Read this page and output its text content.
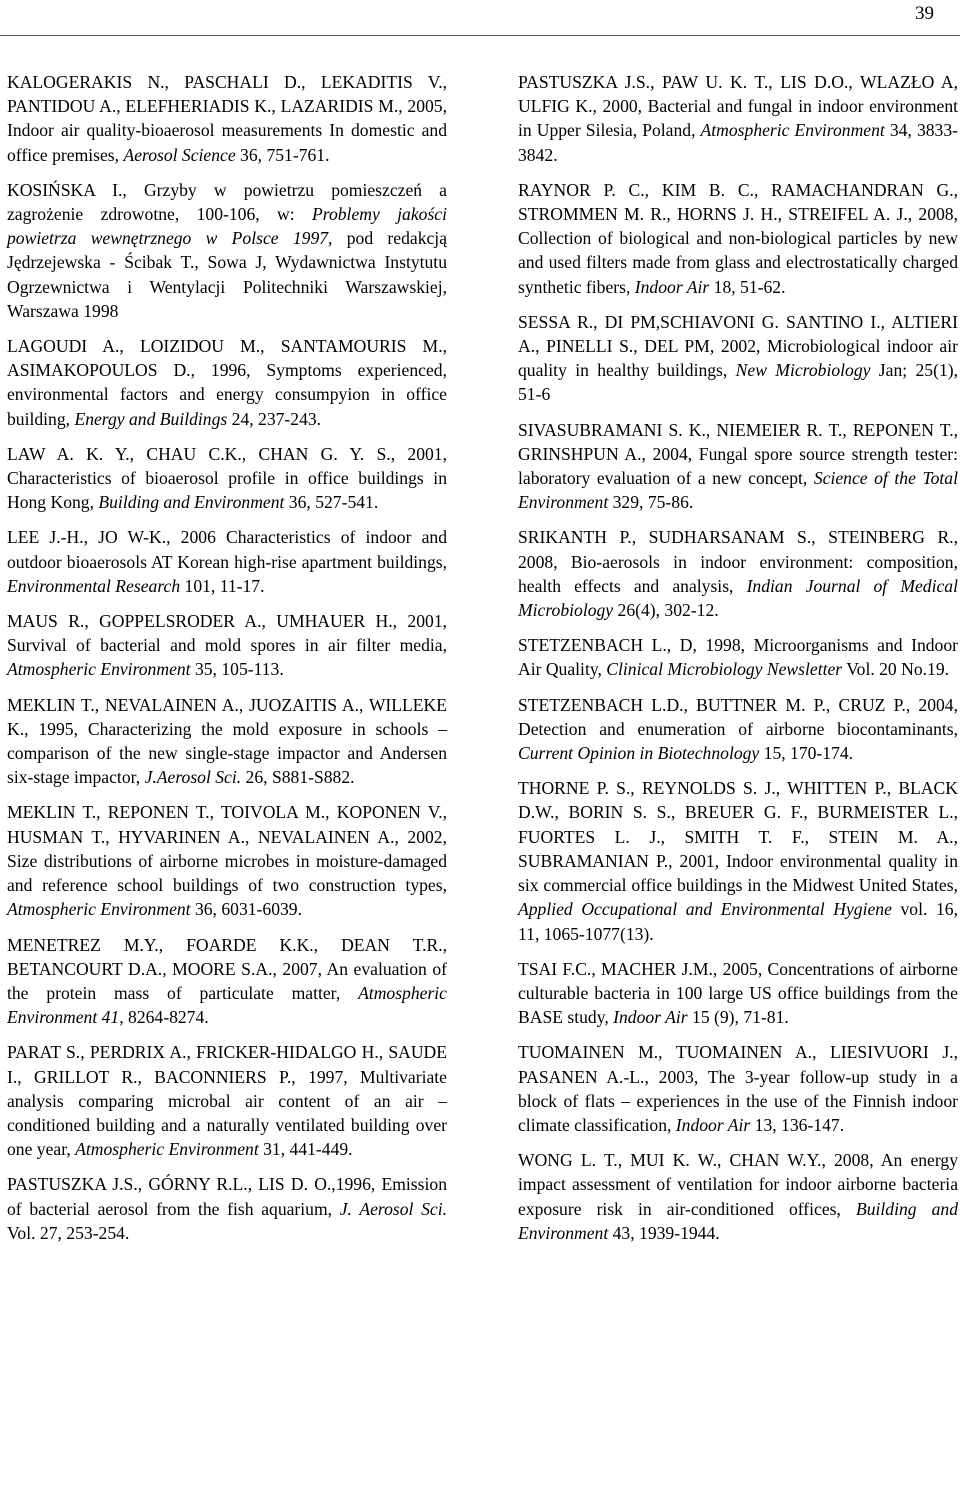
39

KALOGERAKIS N., PASCHALI D., LEKADITIS V., PANTIDOU A., ELEFHERIADIS K., LAZARIDIS M., 2005, Indoor air quality-bioaerosol measurements In domestic and office premises, Aerosol Science 36, 751-761.

KOSIŃSKA I., Grzyby w powietrzu pomieszczeń a zagrożenie zdrowotne, 100-106, w: Problemy jakości powietrza wewnętrznego w Polsce 1997, pod redakcją Jędrzejewska - Ścibak T., Sowa J, Wydawnictwa Instytutu Ogrzewnictwa i Wentylacji Politechniki Warszawskiej, Warszawa 1998

LAGOUDI A., LOIZIDOU M., SANTAMOURIS M., ASIMAKOPOULOS D., 1996, Symptoms experienced, environmental factors and energy consumpyion in office building, Energy and Buildings 24, 237-243.

LAW A. K. Y., CHAU C.K., CHAN G. Y. S., 2001, Characteristics of bioaerosol profile in office buildings in Hong Kong, Building and Environment 36, 527-541.

LEE J.-H., JO W-K., 2006 Characteristics of indoor and outdoor bioaerosols AT Korean high-rise apartment buildings, Environmental Research 101, 11-17.

MAUS R., GOPPELSRODER A., UMHAUER H., 2001, Survival of bacterial and mold spores in air filter media, Atmospheric Environment 35, 105-113.

MEKLIN T., NEVALAINEN A., JUOZAITIS A., WILLEKE K., 1995, Characterizing the mold exposure in schools – comparison of the new single-stage impactor and Andersen six-stage impactor, J.Aerosol Sci. 26, S881-S882.

MEKLIN T., REPONEN T., TOIVOLA M., KOPONEN V., HUSMAN T., HYVARINEN A., NEVALAINEN A., 2002, Size distributions of airborne microbes in moisture-damaged and reference school buildings of two construction types, Atmospheric Environment 36, 6031-6039.

MENETREZ M.Y., FOARDE K.K., DEAN T.R., BETANCOURT D.A., MOORE S.A., 2007, An evaluation of the protein mass of particulate matter, Atmospheric Environment 41, 8264-8274.

PARAT S., PERDRIX A., FRICKER-HIDALGO H., SAUDE I., GRILLOT R., BACONNIERS P., 1997, Multivariate analysis comparing microbal air content of an air –conditioned building and a naturally ventilated building over one year, Atmospheric Environment 31, 441-449.

PASTUSZKA J.S., GÓRNY R.L., LIS D. O.,1996, Emission of bacterial aerosol from the fish aquarium, J. Aerosol Sci. Vol. 27, 253-254.

PASTUSZKA J.S., PAW U. K. T., LIS D.O., WLAZŁO A, ULFIG K., 2000, Bacterial and fungal in indoor environment in Upper Silesia, Poland, Atmospheric Environment 34, 3833-3842.

RAYNOR P. C., KIM B. C., RAMACHANDRAN G., STROMMEN M. R., HORNS J. H., STREIFEL A. J., 2008, Collection of biological and non-biological particles by new and used filters made from glass and electrostatically charged synthetic fibers, Indoor Air 18, 51-62.

SESSA R., DI PM,SCHIAVONI G. SANTINO I., ALTIERI A., PINELLI S., DEL PM, 2002, Microbiological indoor air quality in healthy buildings, New Microbiology Jan; 25(1), 51-6

SIVASUBRAMANI S. K., NIEMEIER R. T., REPONEN T., GRINSHPUN A., 2004, Fungal spore source strength tester: laboratory evaluation of a new concept, Science of the Total Environment 329, 75-86.

SRIKANTH P., SUDHARSANAM S., STEINBERG R., 2008, Bio-aerosols in indoor environment: composition, health effects and analysis, Indian Journal of Medical Microbiology 26(4), 302-12.

STETZENBACH L., D, 1998, Microorganisms and Indoor Air Quality, Clinical Microbiology Newsletter Vol. 20 No.19.

STETZENBACH L.D., BUTTNER M. P., CRUZ P., 2004, Detection and enumeration of airborne biocontaminants, Current Opinion in Biotechnology 15, 170-174.

THORNE P. S., REYNOLDS S. J., WHITTEN P., BLACK D.W., BORIN S. S., BREUER G. F., BURMEISTER L., FUORTES L. J., SMITH T. F., STEIN M. A., SUBRAMANIAN P., 2001, Indoor environmental quality in six commercial office buildings in the Midwest United States, Applied Occupational and Environmental Hygiene vol. 16, 11, 1065-1077(13).

TSAI F.C., MACHER J.M., 2005, Concentrations of airborne culturable bacteria in 100 large US office buildings from the BASE study, Indoor Air 15 (9), 71-81.

TUOMAINEN M., TUOMAINEN A., LIESIVUORI J., PASANEN A.-L., 2003, The 3-year follow-up study in a block of flats – experiences in the use of the Finnish indoor climate classification, Indoor Air 13, 136-147.

WONG L. T., MUI K. W., CHAN W.Y., 2008, An energy impact assessment of ventilation for indoor airborne bacteria exposure risk in air-conditioned offices, Building and Environment 43, 1939-1944.
